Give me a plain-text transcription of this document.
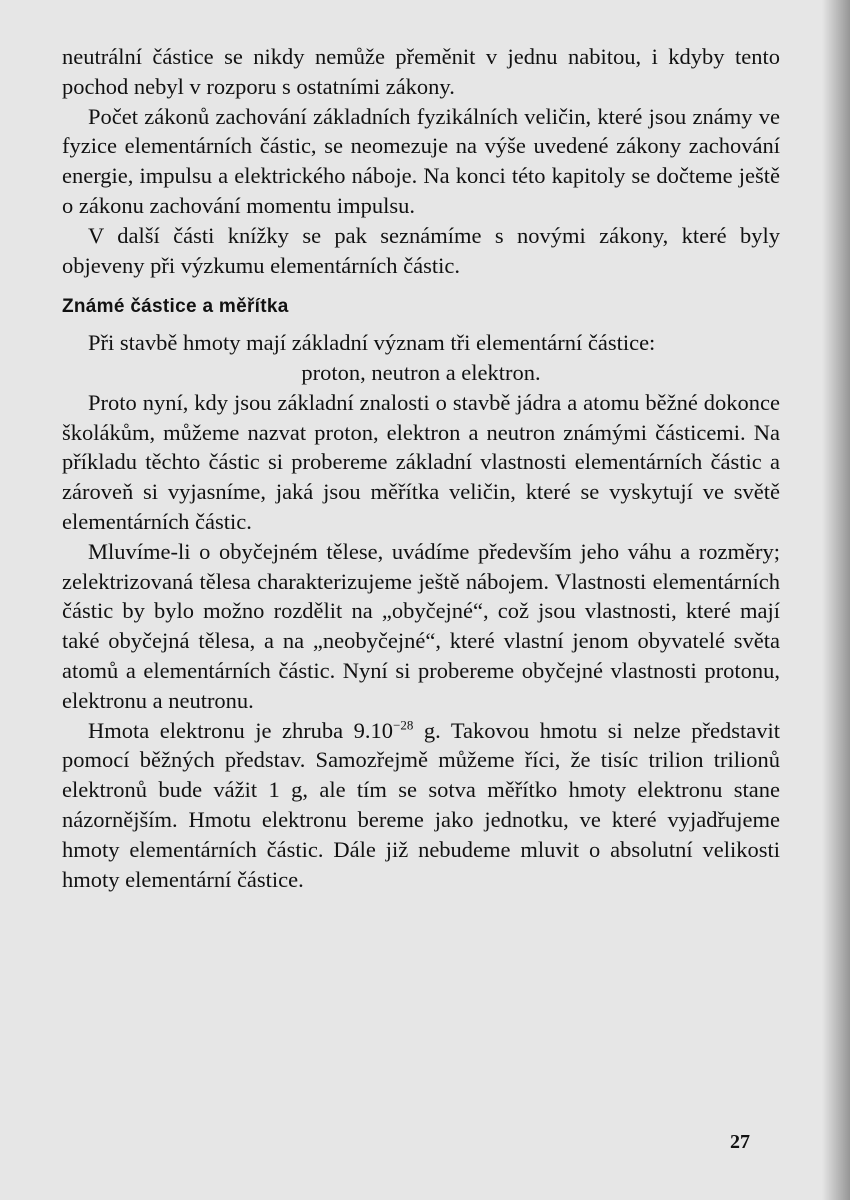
neutrální částice se nikdy nemůže přeměnit v jednu nabitou, i kdyby tento pochod nebyl v rozporu s ostatními zákony.

Počet zákonů zachování základních fyzikálních veličin, které jsou známy ve fyzice elementárních částic, se neomezuje na výše uvedené zákony zachování energie, impulsu a elektrického náboje. Na konci této kapitoly se dočteme ještě o zákonu zachování momentu impulsu.

V další části knížky se pak seznámíme s novými zákony, které byly objeveny při výzkumu elementárních částic.

Známé částice a měřítka

Při stavbě hmoty mají základní význam tři elementární částice:

proton, neutron a elektron.

Proto nyní, kdy jsou základní znalosti o stavbě jádra a atomu běžné dokonce školákům, můžeme nazvat proton, elektron a neutron známými částicemi. Na příkladu těchto částic si probereme základní vlastnosti elementárních částic a zároveň si vyjasníme, jaká jsou měřítka veličin, které se vyskytují ve světě elementárních částic.

Mluvíme-li o obyčejném tělese, uvádíme především jeho váhu a rozměry; zelektrizovaná tělesa charakterizujeme ještě nábojem. Vlastnosti elementárních částic by bylo možno rozdělit na „obyčejné“, což jsou vlastnosti, které mají také obyčejná tělesa, a na „neobyčejné“, které vlastní jenom obyvatelé světa atomů a elementárních částic. Nyní si probereme obyčejné vlastnosti protonu, elektronu a neutronu.

Hmota elektronu je zhruba $9.10^{-28}$ g. Takovou hmotu si nelze představit pomocí běžných představ. Samozřejmě můžeme říci, že tisíc trilion trilionů elektronů bude vážit 1 g, ale tím se sotva měřítko hmoty elektronu stane názornějším. Hmotu elektronu bereme jako jednotku, ve které vyjadřujeme hmoty elementárních částic. Dále již nebudeme mluvit o absolutní velikosti hmoty elementární částice.

27
